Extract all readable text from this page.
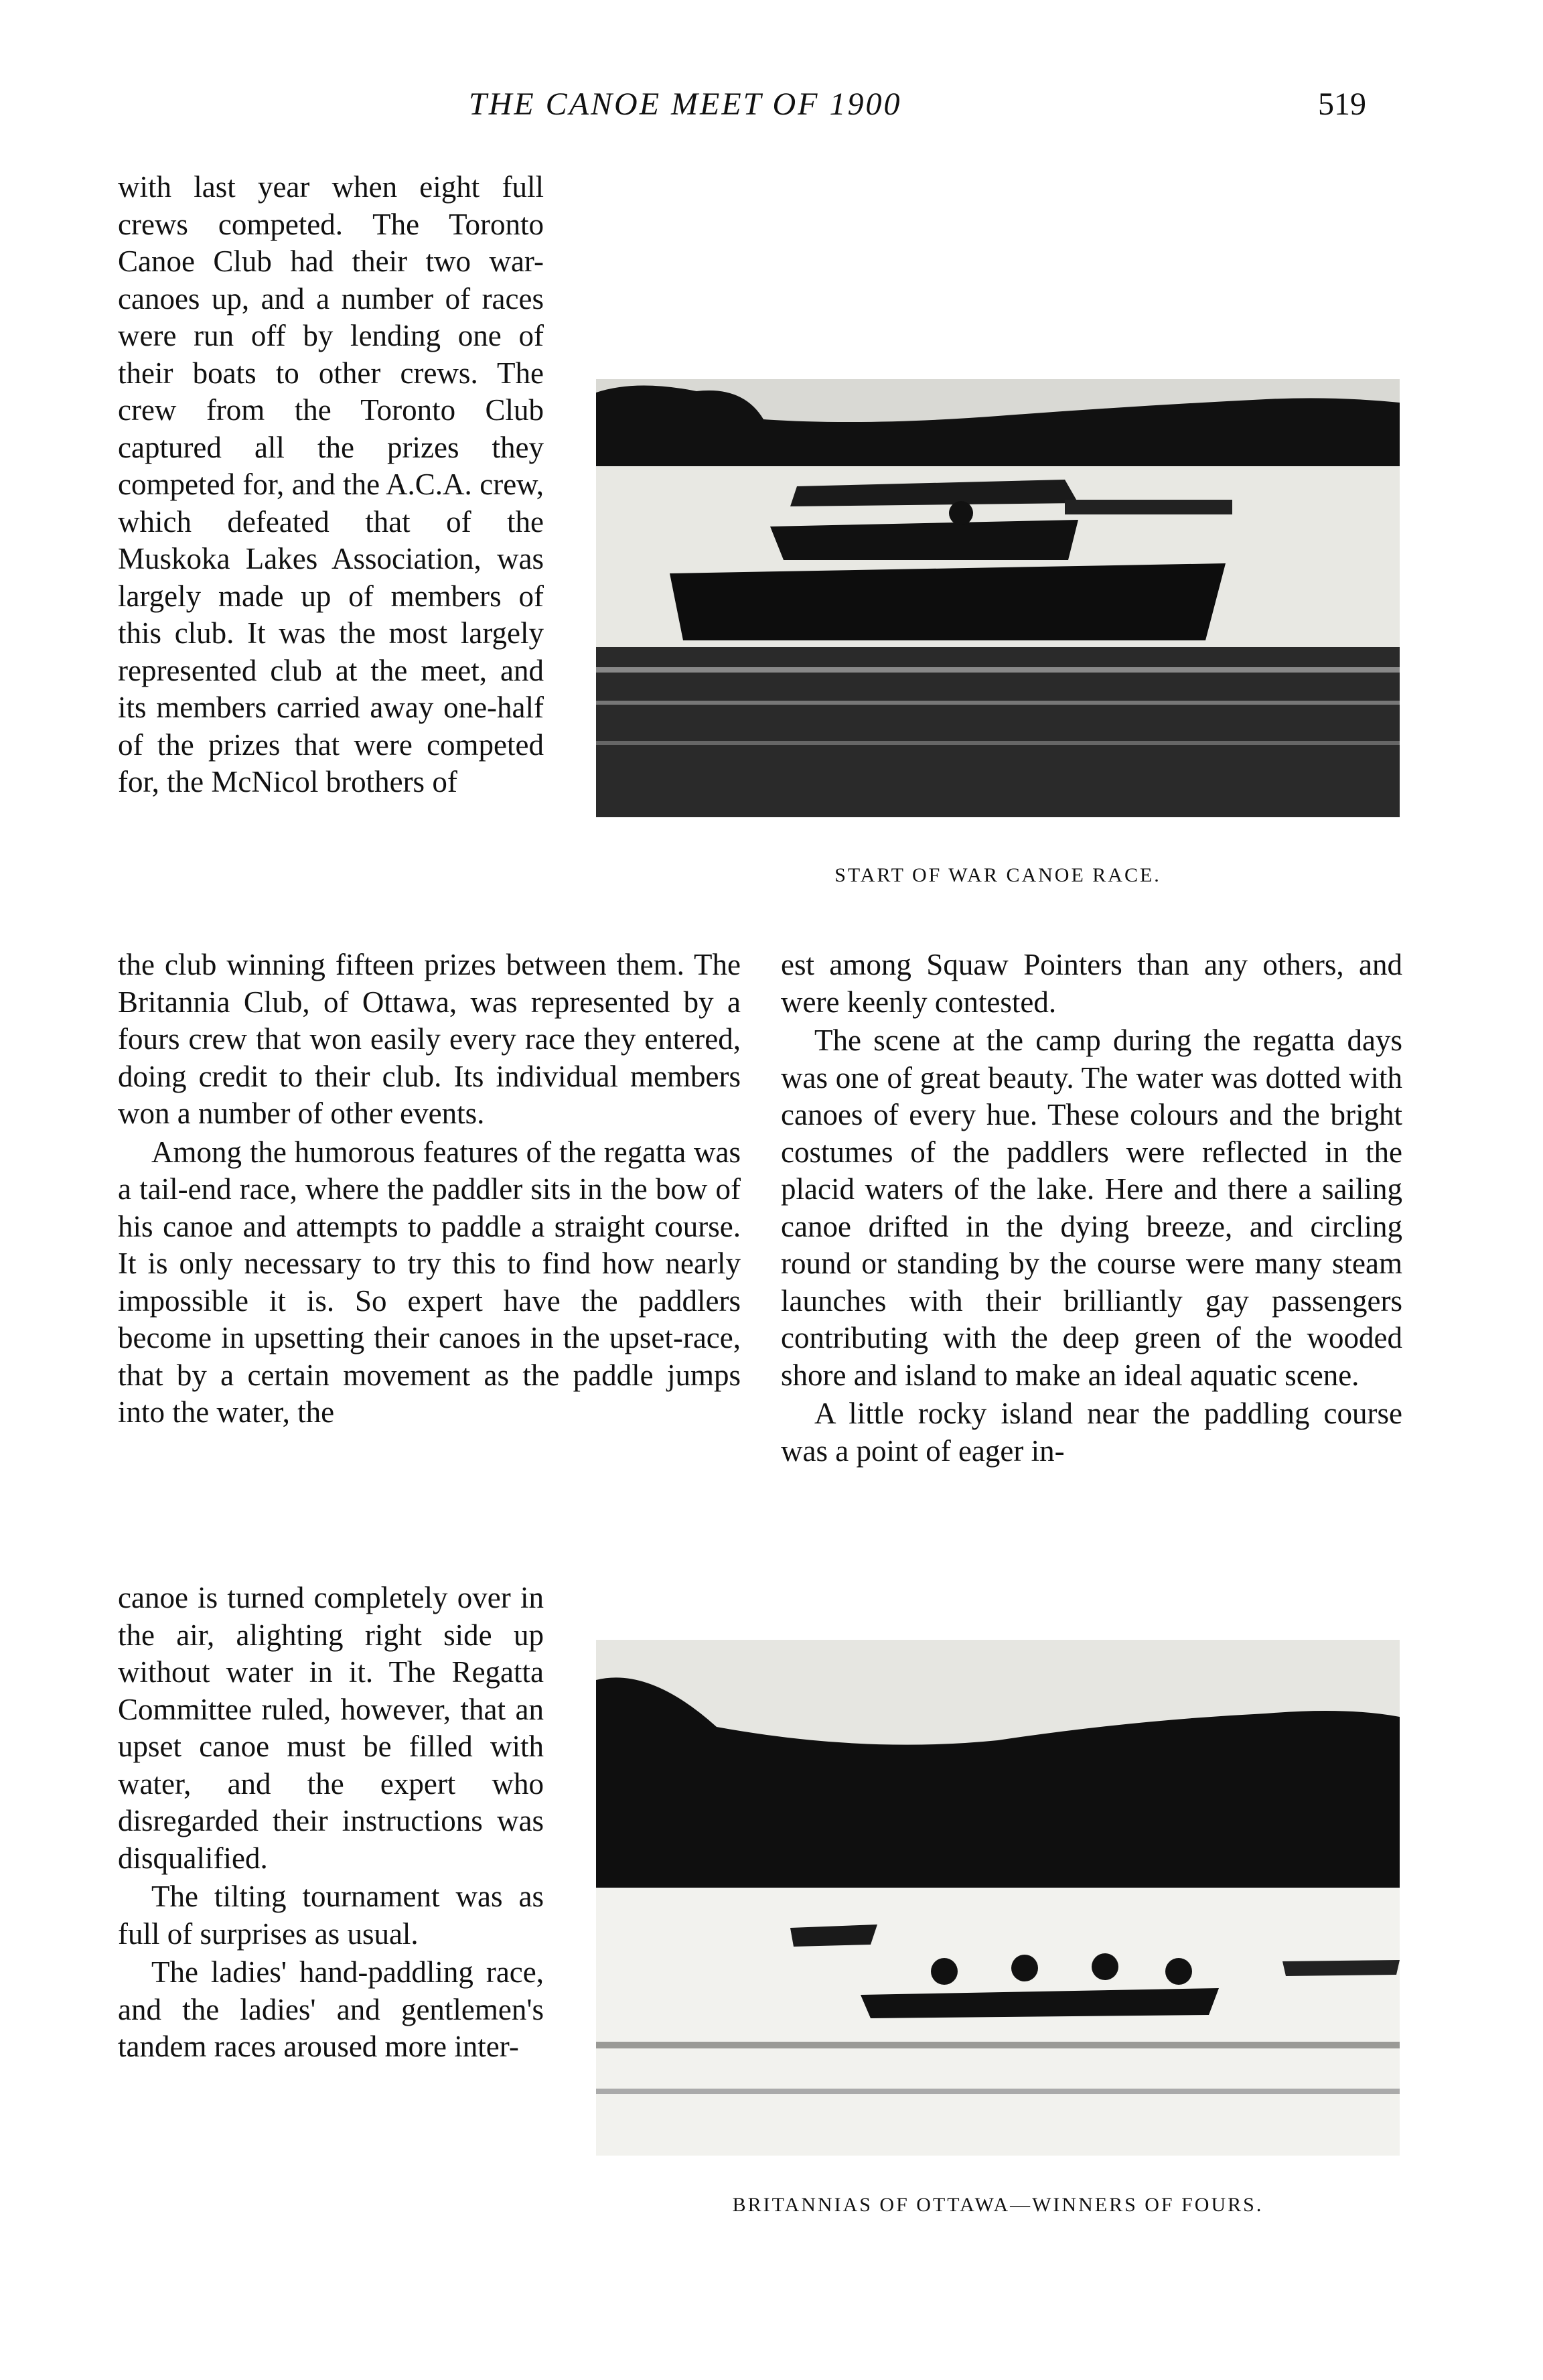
THE CANOE MEET OF 1900	519

with last year when eight full crews competed. The Toronto Canoe Club had their two war-canoes up, and a number of races were run off by lending one of their boats to other crews. The crew from the Toronto Club captured all the prizes they competed for, and the A.C.A. crew, which defeated that of the Muskoka Lakes Association, was largely made up of members of this club. It was the most largely represented club at the meet, and its members carried away one-half of the prizes that were competed for, the McNicol brothers of

the club winning fifteen prizes between them. The Britannia Club, of Ottawa, was represented by a fours crew that won easily every race they entered, doing credit to their club. Its individual members won a number of other events.

Among the humorous features of the regatta was a tail-end race, where the paddler sits in the bow of his canoe and attempts to paddle a straight course. It is only necessary to try this to find how nearly impossible it is. So expert have the paddlers become in upsetting their canoes in the upset-race, that by a certain movement as the paddle jumps into the water, the

canoe is turned completely over in the air, alighting right side up without water in it. The Regatta Committee ruled, however, that an upset canoe must be filled with water, and the expert who disregarded their instructions was disqualified.

The tilting tournament was as full of surprises as usual.

The ladies' hand-paddling race, and the ladies' and gentlemen's tandem races aroused more inter-

est among Squaw Pointers than any others, and were keenly contested.

The scene at the camp during the regatta days was one of great beauty. The water was dotted with canoes of every hue. These colours and the bright costumes of the paddlers were reflected in the placid waters of the lake. Here and there a sailing canoe drifted in the dying breeze, and circling round or standing by the course were many steam launches with their brilliantly gay passengers contributing with the deep green of the wooded shore and island to make an ideal aquatic scene.

A little rocky island near the paddling course was a point of eager in-

START OF WAR CANOE RACE.
BRITANNIAS OF OTTAWA—WINNERS OF FOURS.
